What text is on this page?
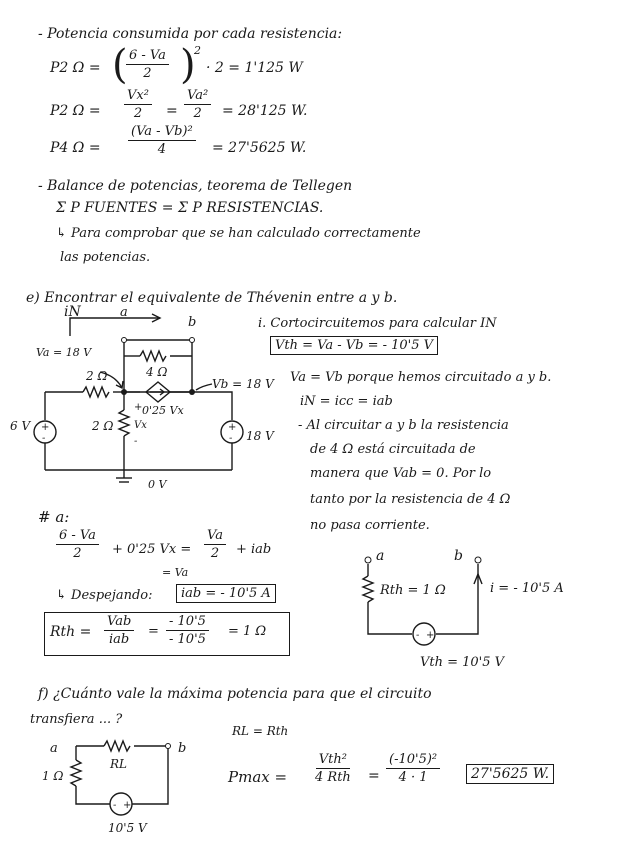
- Potencia consumida por cada resistencia:
P2 Ω = (
$\frac{6 - Va}{2}$ )
2
· 2 = 1'125 W
P2 $\Omega = \frac{\text{Vx²}}{2} = \frac{\text{Va²}}{2} = 28'125$ W.
P4 $\Omega = \frac{\text{(Va - Vb)²}}{4} = 27'5625$ W.
- Balance de potencias, teorema de Tellegen
Σ P FUENTES = Σ P RESISTENCIAS.
↳ Para comprobar que se han calculado correctamente
las potencias.
e) Encontrar el equivalente de Thévenin entre a y b.
iN	a
b
Va = 18 V
2 Ω	4 Ω
Vb = 18 V
0'25 Vx
6 V +
-
2 Ω
+
Vx
-
+
- 18 V
0 V
i. Cortocircuitemos para calcular IN
Vth = Va - Vb = - 10'5 V
Va = Vb porque hemos circuitado a y b.
iN = icc = iab
- Al circuitar a y b la resistencia
de 4 Ω está circuitada de
manera que Vab = 0. Por lo
tanto por la resistencia de 4 Ω
no pasa corriente.
# a:
$\frac{6 - Va}{2} + 0'25$ $Vx = \frac{Va}{2}$ + iab
= Va
↳ Despejando:	iab = - 10'5 A
Rth =
Vab
iab
= $\frac{- 10'5}{- 10'5} = 1$ Ω
a	b
Rth = 1 Ω	i = - 10'5 A
- +
Vth = 10'5 V
f) ¿Cuánto vale la máxima potencia para que el circuito
transfiera ... ?
RL = Rth
a	b
RL
1 Ω
- +
10'5 V
Pmax =
Vth²
4 Rth = $\frac{\text{(-10'5)²}}{4 \cdot 1}$	27'5625 W.
